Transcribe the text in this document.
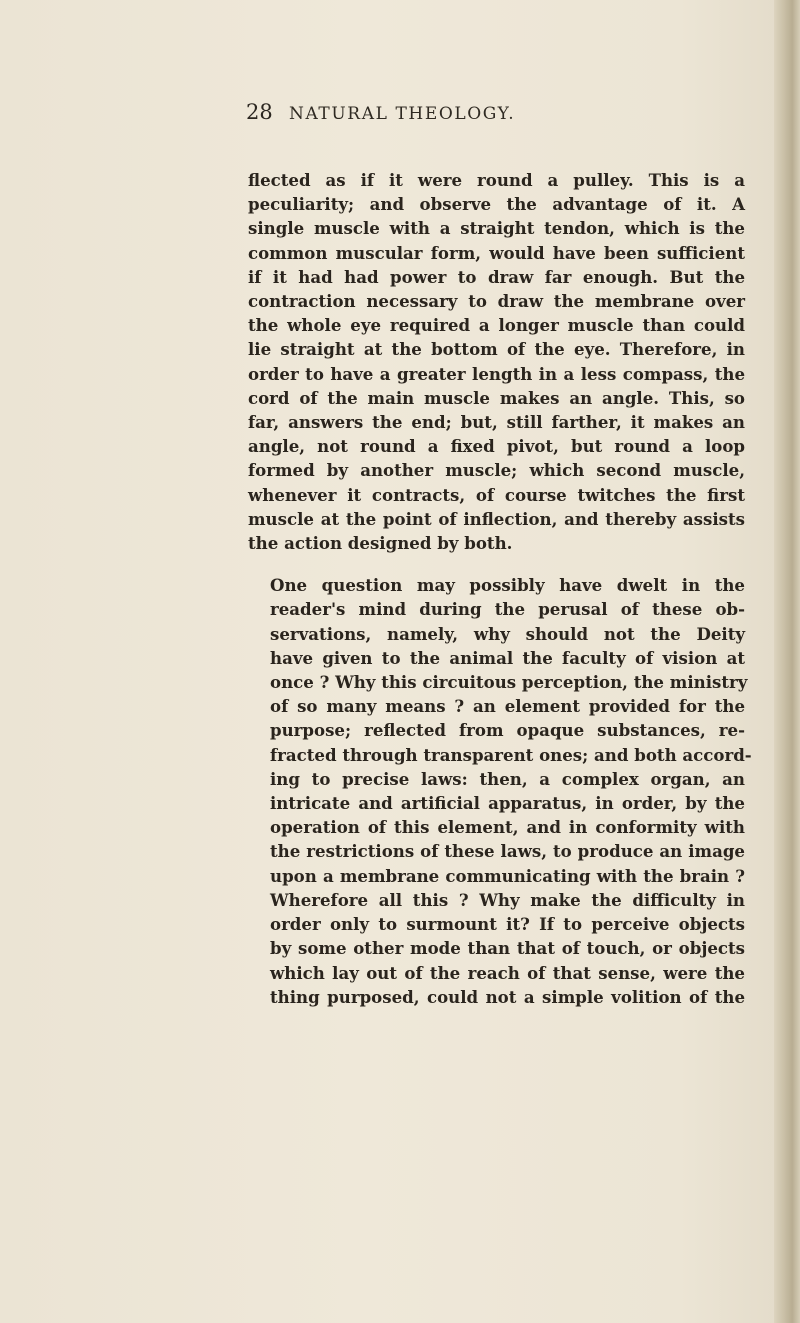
28 NATURAL THEOLOGY.
flected as if it were round a pulley. This is a
peculiarity; and observe the advantage of it. A
single muscle with a straight tendon, which is the
common muscular form, would have been sufficient
if it had had power to draw far enough. But the
contraction necessary to draw the membrane over
the whole eye required a longer muscle than could
lie straight at the bottom of the eye. Therefore, in
order to have a greater length in a less compass, the
cord of the main muscle makes an angle. This, so
far, answers the end; but, still farther, it makes an
angle, not round a fixed pivot, but round a loop
formed by another muscle; which second muscle,
whenever it contracts, of course twitches the first
muscle at the point of inflection, and thereby assists
the action designed by both.
One question may possibly have dwelt in the
reader's mind during the perusal of these ob-
servations, namely, why should not the Deity
have given to the animal the faculty of vision at
once ? Why this circuitous perception, the ministry
of so many means ? an element provided for the
purpose; reflected from opaque substances, re-
fracted through transparent ones; and both accord-
ing to precise laws: then, a complex organ, an
intricate and artificial apparatus, in order, by the
operation of this element, and in conformity with
the restrictions of these laws, to produce an image
upon a membrane communicating with the brain ?
Wherefore all this ? Why make the difficulty in
order only to surmount it? If to perceive objects
by some other mode than that of touch, or objects
which lay out of the reach of that sense, were the
thing purposed, could not a simple volition of the
